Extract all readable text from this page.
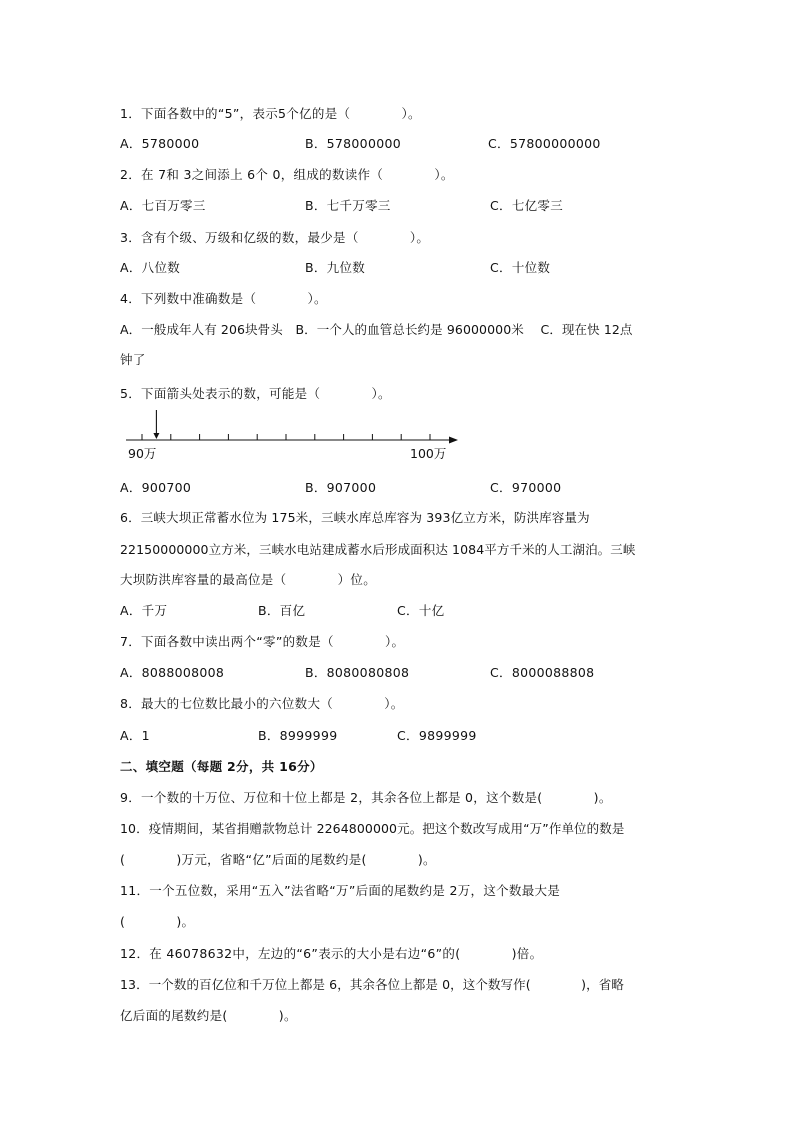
1．下面各数中的“5”，表示5个亿的是（　　　　）。
A．5780000	B．578000000	C．57800000000
2．在 7和 3之间添上 6个 0，组成的数读作（　　　　）。
A．七百万零三	B．七千万零三	C．七亿零三
3．含有个级、万级和亿级的数，最少是（　　　　）。
A．八位数	B．九位数	C．十位数
4．下列数中准确数是（　　　　）。
A．一般成年人有 206块骨头　B．一个人的血管总长约是 96000000米　 C．现在快 12点
钟了
5．下面箭头处表示的数，可能是（　　　　）。
90万	100万
A．900700	B．907000	C．970000
6．三峡大坝正常蓄水位为 175米，三峡水库总库容为 393亿立方米，防洪库容量为
22150000000立方米，三峡水电站建成蓄水后形成面积达 1084平方千米的人工湖泊。三峡
大坝防洪库容量的最高位是（　　　　）位。
A．千万	B．百亿	C．十亿
7．下面各数中读出两个“零”的数是（　　　　）。
A．8088008008	B．8080080808	C．8000088808
8．最大的七位数比最小的六位数大（　　　　）。
A．1	B．8999999	C．9899999
二、填空题（每题 2分，共 16分）
9．一个数的十万位、万位和十位上都是 2，其余各位上都是 0，这个数是(　　　　)。
10．疫情期间，某省捐赠款物总计 2264800000元。把这个数改写成用“万”作单位的数是
(　　　　)万元，省略“亿”后面的尾数约是(　　　　)。
11．一个五位数，采用“五入”法省略“万”后面的尾数约是 2万，这个数最大是
(　　　　)。
12．在 46078632中，左边的“6”表示的大小是右边“6”的(　　　　)倍。
13．一个数的百亿位和千万位上都是 6，其余各位上都是 0，这个数写作(　　　　)，省略
亿后面的尾数约是(　　　　)。
